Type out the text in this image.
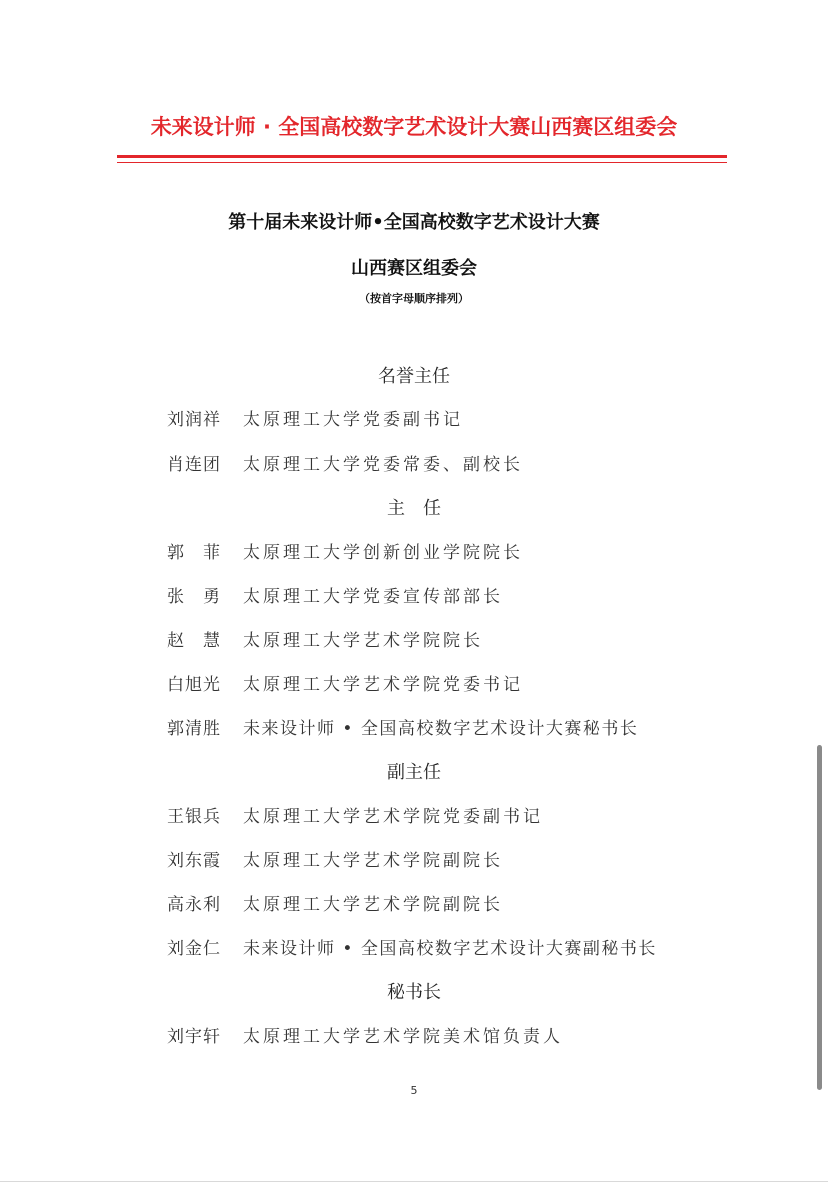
未来设计师 · 全国高校数字艺术设计大赛山西赛区组委会
第十届未来设计师•全国高校数字艺术设计大赛
山西赛区组委会
（按首字母顺序排列）
名誉主任
刘润祥 太原理工大学党委副书记
肖连团 太原理工大学党委常委、副校长
主　任
郭　菲 太原理工大学创新创业学院院长
张　勇 太原理工大学党委宣传部部长
赵　慧 太原理工大学艺术学院院长
白旭光 太原理工大学艺术学院党委书记
郭清胜 未来设计师 • 全国高校数字艺术设计大赛秘书长
副主任
王银兵 太原理工大学艺术学院党委副书记
刘东霞 太原理工大学艺术学院副院长
高永利 太原理工大学艺术学院副院长
刘金仁 未来设计师 • 全国高校数字艺术设计大赛副秘书长
秘书长
刘宇轩 太原理工大学艺术学院美术馆负责人
5
